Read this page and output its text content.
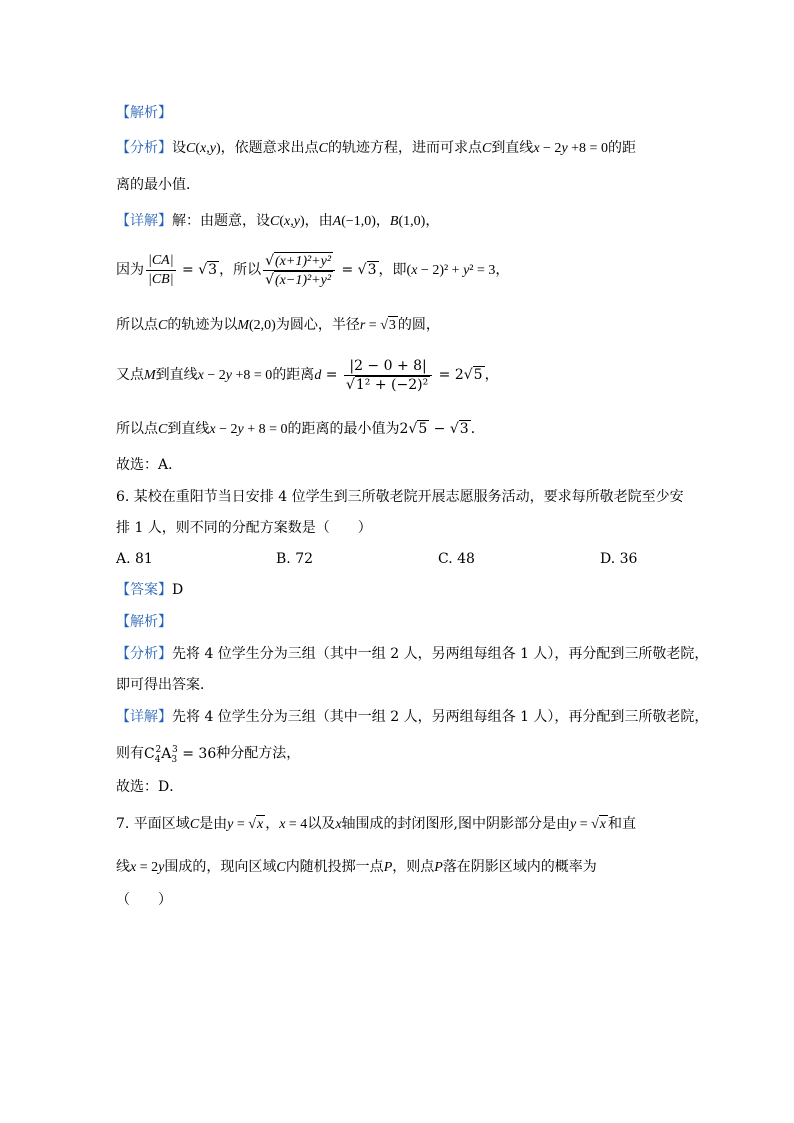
【解析】
【分析】设C(x,y)，依题意求出点C的轨迹方程，进而可求点C到直线x − 2y +8 = 0的距
离的最小值．
【详解】解：由题意，设C(x,y)，由A(−1,0)，B(1,0)，
因为 $\frac{|CA|}{|CB|} = √3$ ，所以 $\frac{\text{√(x+1)²+y²}}{\text{√(x−1)²+y²}} = √3$ ，即(x − 2)² + y² = 3，
所以点C的轨迹为以M(2,0)为圆心，半径r = √3 的圆，
又点M到直线x − 2y +8 = 0的距离$d = \frac{|2 - 0 + 8|}{\text{√1² + (−2)²}} = 2√5$ ，
所以点C到直线x − 2y + 8 = 0的距离的最小值为2√5 − √3 ．
故选：A．
6. 某校在重阳节当日安排 4 位学生到三所敬老院开展志愿服务活动，要求每所敬老院至少安
排 1 人，则不同的分配方案数是（　　）
A. 81	B. 72	C. 48	D. 36
【答案】D
【解析】
【分析】先将 4 位学生分为三组（其中一组 2 人，另两组每组各 1 人），再分配到三所敬老院，
即可得出答案．
【详解】先将 4 位学生分为三组（其中一组 2 人，另两组每组各 1 人），再分配到三所敬老院，
则有$C_4^2A_3^3 = 36$种分配方法，
故选：D．
7. 平面区域C是由y = √x ，x = 4以及x轴围成的封闭图形,图中阴影部分是由y = √x 和直
线x = 2y围成的，现向区域C内随机投掷一点P，则点P落在阴影区域内的概率为
（　　）
